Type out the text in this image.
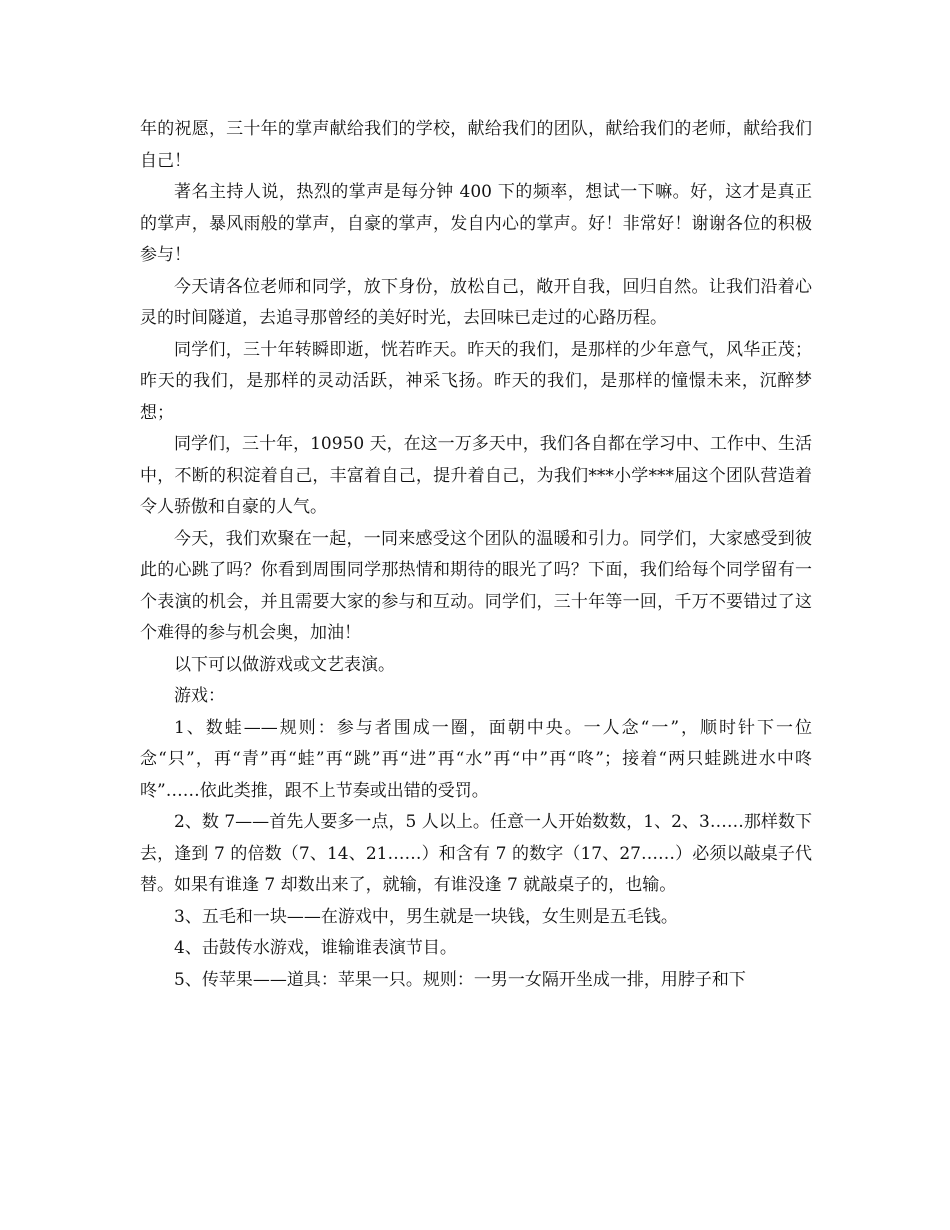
年的祝愿，三十年的掌声献给我们的学校，献给我们的团队，献给我们的老师，献给我们自己！

著名主持人说，热烈的掌声是每分钟 400 下的频率，想试一下嘛。好，这才是真正的掌声，暴风雨般的掌声，自豪的掌声，发自内心的掌声。好！非常好！谢谢各位的积极参与！

今天请各位老师和同学，放下身份，放松自己，敞开自我，回归自然。让我们沿着心灵的时间隧道，去追寻那曾经的美好时光，去回味已走过的心路历程。

同学们，三十年转瞬即逝，恍若昨天。昨天的我们，是那样的少年意气，风华正茂；昨天的我们，是那样的灵动活跃，神采飞扬。昨天的我们，是那样的憧憬未来，沉醉梦想；

同学们，三十年，10950 天，在这一万多天中，我们各自都在学习中、工作中、生活中，不断的积淀着自己，丰富着自己，提升着自己，为我们***小学***届这个团队营造着令人骄傲和自豪的人气。

今天，我们欢聚在一起，一同来感受这个团队的温暖和引力。同学们，大家感受到彼此的心跳了吗？你看到周围同学那热情和期待的眼光了吗？下面，我们给每个同学留有一个表演的机会，并且需要大家的参与和互动。同学们，三十年等一回，千万不要错过了这个难得的参与机会奥，加油！

以下可以做游戏或文艺表演。

游戏：

1、数蛙——规则：参与者围成一圈，面朝中央。一人念“一”，顺时针下一位念“只”，再“青”再“蛙”再“跳”再“进”再“水”再“中”再“咚”；接着“两只蛙跳进水中咚咚”……依此类推，跟不上节奏或出错的受罚。

2、数 7——首先人要多一点，5 人以上。任意一人开始数数，1、2、3……那样数下去，逢到 7 的倍数（7、14、21……）和含有 7 的数字（17、27……）必须以敲桌子代替。如果有谁逢 7 却数出来了，就输，有谁没逢 7 就敲桌子的，也输。

3、五毛和一块——在游戏中，男生就是一块钱，女生则是五毛钱。

4、击鼓传水游戏，谁输谁表演节目。

5、传苹果——道具：苹果一只。规则：一男一女隔开坐成一排，用脖子和下
